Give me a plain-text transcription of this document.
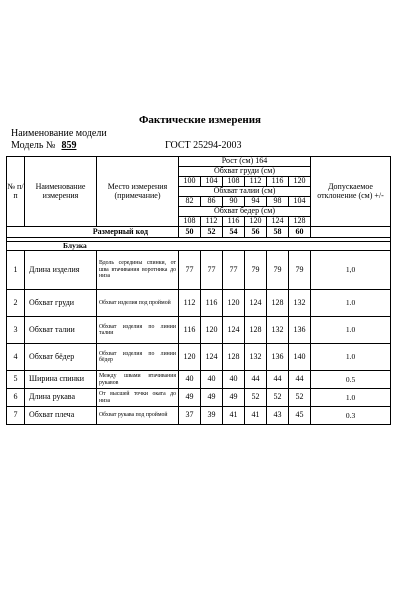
Фактические измерения
Наименование модели
Модель № 859	ГОСТ 25294-2003
№ п/п	Наименование измерения	Место измерения (примечание)	Рост (см) 164						Допускаемое отклонение (см) +/-
			Обхват груди (см)						
			100	104	108	112	116	120	
			Обхват талии (см)						
			82	86	90	94	98	104	
			Обхват бедер (см)						
			108	112	116	120	124	128	
Размерный код			50	52	54	56	58	60	

Блузка									
1	Длина изделия	Вдоль середины спинки, от шва втачивания воротника до низа	77	77	77	79	79	79	1,0
2	Обхват груди	Обхват изделия под проймой	112	116	120	124	128	132	1.0
3	Обхват талии	Обхват изделия по линии талии	116	120	124	128	132	136	1.0
4	Обхват бёдер	Обхват изделия по линии бёдер	120	124	128	132	136	140	1.0
5	Ширина спинки	Между швами втачивания рукавов	40	40	40	44	44	44	0.5
6	Длина рукава	От высшей точки оката до низа	49	49	49	52	52	52	1.0
7	Обхват плеча	Обхват рукава под проймой	37	39	41	41	43	45	0.3
